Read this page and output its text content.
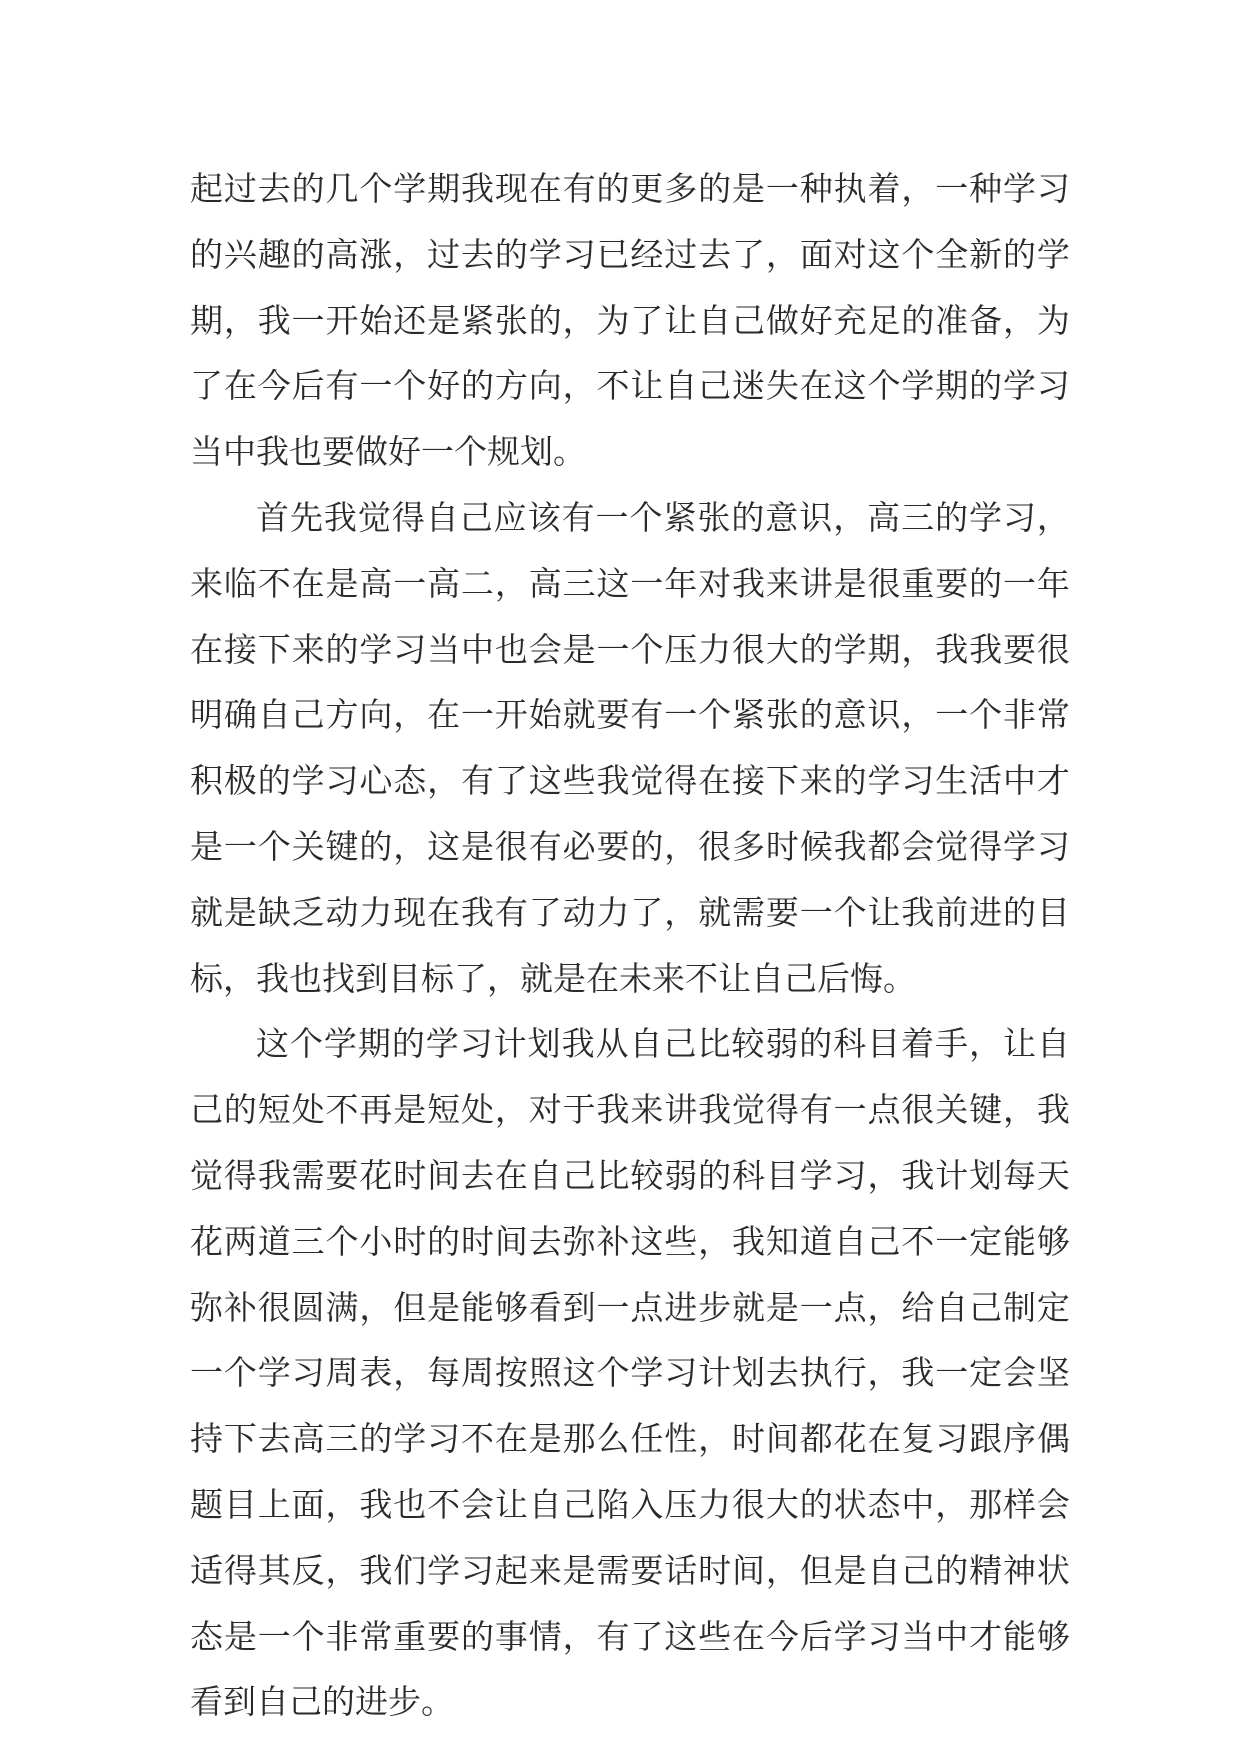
起 过 去 的 几 个 学 期 我 现 在 有 的 更 多 的 是 一 种 执 着 ， 一 种 学 习
的 兴 趣 的 高 涨 ， 过 去 的 学 习 已 经 过 去 了 ， 面 对 这 个 全 新 的 学
期 ， 我 一 开 始 还 是 紧 张 的 ， 为 了 让 自 己 做 好 充 足 的 准 备 ， 为
了 在 今 后 有 一 个 好 的 方 向 ， 不 让 自 己 迷 失 在 这 个 学 期 的 学 习
当中我也要做好一个规划。
首 先 我 觉 得 自 己 应 该 有 一 个 紧 张 的 意 识 ， 高 三 的 学 习 ，
来 临 不 在 是 高 一 高 二 ， 高 三 这 一 年 对 我 来 讲 是 很 重 要 的 一 年
在 接 下 来 的 学 习 当 中 也 会 是 一 个 压 力 很 大 的 学 期 ， 我 我 要 很
明 确 自 己 方 向 ， 在 一 开 始 就 要 有 一 个 紧 张 的 意 识 ， 一 个 非 常
积 极 的 学 习 心 态 ， 有 了 这 些 我 觉 得 在 接 下 来 的 学 习 生 活 中 才
是 一 个 关 键 的 ， 这 是 很 有 必 要 的 ， 很 多 时 候 我 都 会 觉 得 学 习
就 是 缺 乏 动 力 现 在 我 有 了 动 力 了 ， 就 需 要 一 个 让 我 前 进 的 目
标，我也找到目标了，就是在未来不让自己后悔。
这 个 学 期 的 学 习 计 划 我 从 自 己 比 较 弱 的 科 目 着 手 ， 让 自
己 的 短 处 不 再 是 短 处 ， 对 于 我 来 讲 我 觉 得 有 一 点 很 关 键 ， 我
觉 得 我 需 要 花 时 间 去 在 自 己 比 较 弱 的 科 目 学 习 ， 我 计 划 每 天
花 两 道 三 个 小 时 的 时 间 去 弥 补 这 些 ， 我 知 道 自 己 不 一 定 能 够
弥 补 很 圆 满 ， 但 是 能 够 看 到 一 点 进 步 就 是 一 点 ， 给 自 己 制 定
一 个 学 习 周 表 ， 每 周 按 照 这 个 学 习 计 划 去 执 行 ， 我 一 定 会 坚
持 下 去 高 三 的 学 习 不 在 是 那 么 任 性 ， 时 间 都 花 在 复 习 跟 序 偶
题 目 上 面 ， 我 也 不 会 让 自 己 陷 入 压 力 很 大 的 状 态 中 ， 那 样 会
适 得 其 反 ， 我 们 学 习 起 来 是 需 要 话 时 间 ， 但 是 自 己 的 精 神 状
态 是 一 个 非 常 重 要 的 事 情 ， 有 了 这 些 在 今 后 学 习 当 中 才 能 够
看到自己的进步。
